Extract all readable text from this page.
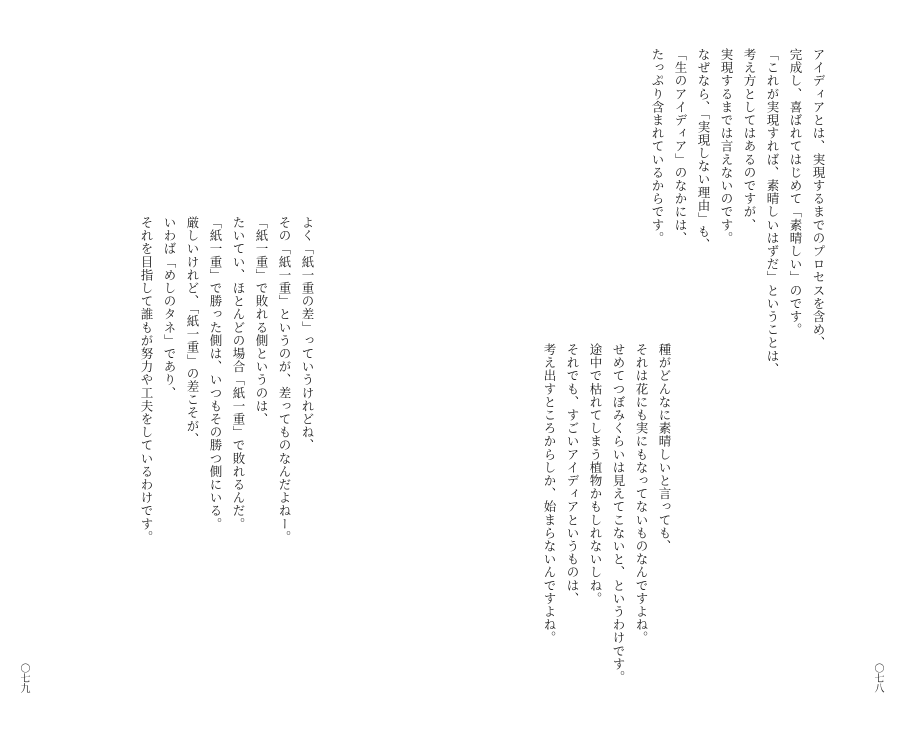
アイディアとは、実現するまでのプロセスを含め、
完成し、喜ばれてはじめて「素晴しい」のです。
「これが実現すれば、素晴しいはずだ」ということは、
考え方としてはあるのですが、
実現するまでは言えないのです。
なぜなら、「実現しない理由」も、
「生のアイディア」のなかには、
たっぷり含まれているからです。
種がどんなに素晴しいと言っても、
それは花にも実にもなってないものなんですよね。
せめてつぼみくらいは見えてこないと、というわけです。
途中で枯れてしまう植物かもしれないしね。
それでも、すごいアイディアというものは、
考え出すところからしか、始まらないんですよね。
〇七八
よく「紙一重の差」っていうけれどね、
その「紙一重」というのが、差ってものなんだよねー。
「紙一重」で敗れる側というのは、
たいてい、ほとんどの場合「紙一重」で敗れるんだ。
「紙一重」で勝った側は、いつもその勝つ側にいる。
厳しいけれど、「紙一重」の差こそが、
いわば「めしのタネ」であり、
それを目指して誰もが努力や工夫をしているわけです。
〇七九
